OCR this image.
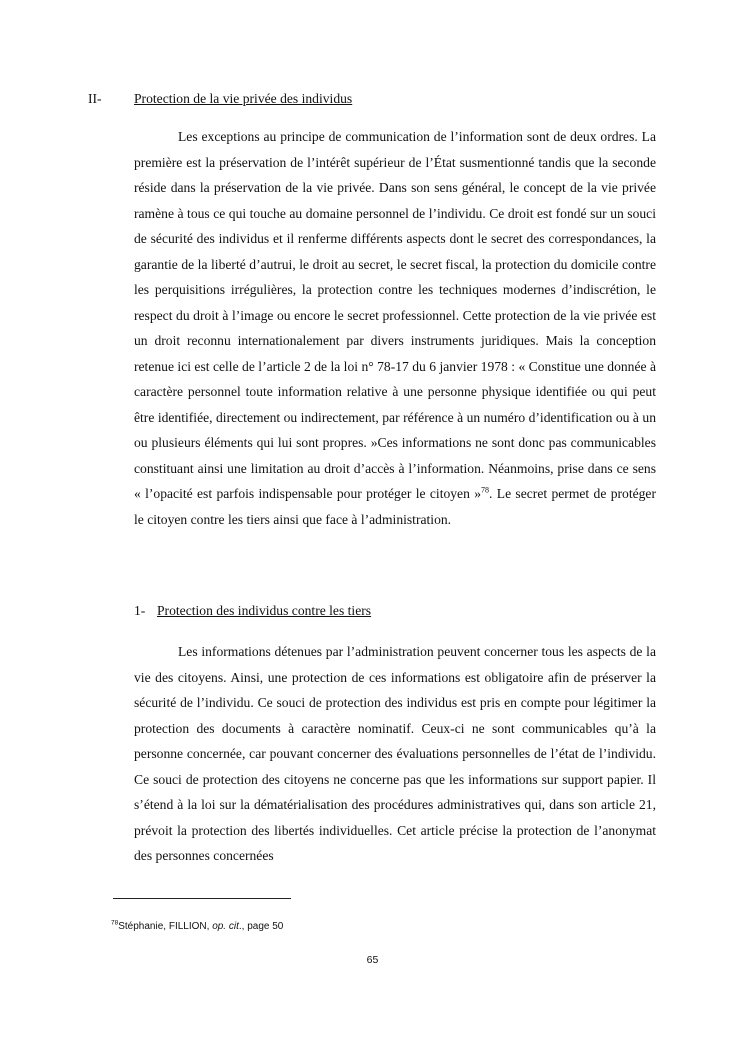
II- Protection de la vie privée des individus

Les exceptions au principe de communication de l’information sont de deux ordres. La première est la préservation de l’intérêt supérieur de l’État susmentionné tandis que la seconde réside dans la préservation de la vie privée. Dans son sens général, le concept de la vie privée ramène à tous ce qui touche au domaine personnel de l’individu. Ce droit est fondé sur un souci de sécurité des individus et il renferme différents aspects dont le secret des correspondances, la garantie de la liberté d’autrui, le droit au secret, le secret fiscal, la protection du domicile contre les perquisitions irrégulières, la protection contre les techniques modernes d’indiscrétion, le respect du droit à l’image ou encore le secret professionnel. Cette protection de la vie privée est un droit reconnu internationalement par divers instruments juridiques. Mais la conception retenue ici est celle de l’article 2 de la loi n° 78-17 du 6 janvier 1978 : « Constitue une donnée à caractère personnel toute information relative à une personne physique identifiée ou qui peut être identifiée, directement ou indirectement, par référence à un numéro d’identification ou à un ou plusieurs éléments qui lui sont propres. »Ces informations ne sont donc pas communicables constituant ainsi une limitation au droit d’accès à l’information. Néanmoins, prise dans ce sens « l’opacité est parfois indispensable pour protéger le citoyen »$^{78}$. Le secret permet de protéger le citoyen contre les tiers ainsi que face à l’administration.

1- Protection des individus contre les tiers

Les informations détenues par l’administration peuvent concerner tous les aspects de la vie des citoyens. Ainsi, une protection de ces informations est obligatoire afin de préserver la sécurité de l’individu. Ce souci de protection des individus est pris en compte pour légitimer la protection des documents à caractère nominatif. Ceux-ci ne sont communicables qu’à la personne concernée, car pouvant concerner des évaluations personnelles de l’état de l’individu. Ce souci de protection des citoyens ne concerne pas que les informations sur support papier. Il s’étend à la loi sur la dématérialisation des procédures administratives qui, dans son article 21, prévoit la protection des libertés individuelles. Cet article précise la protection de l’anonymat des personnes concernées

$^{78}$Stéphanie, FILLION, op. cit., page 50
65
